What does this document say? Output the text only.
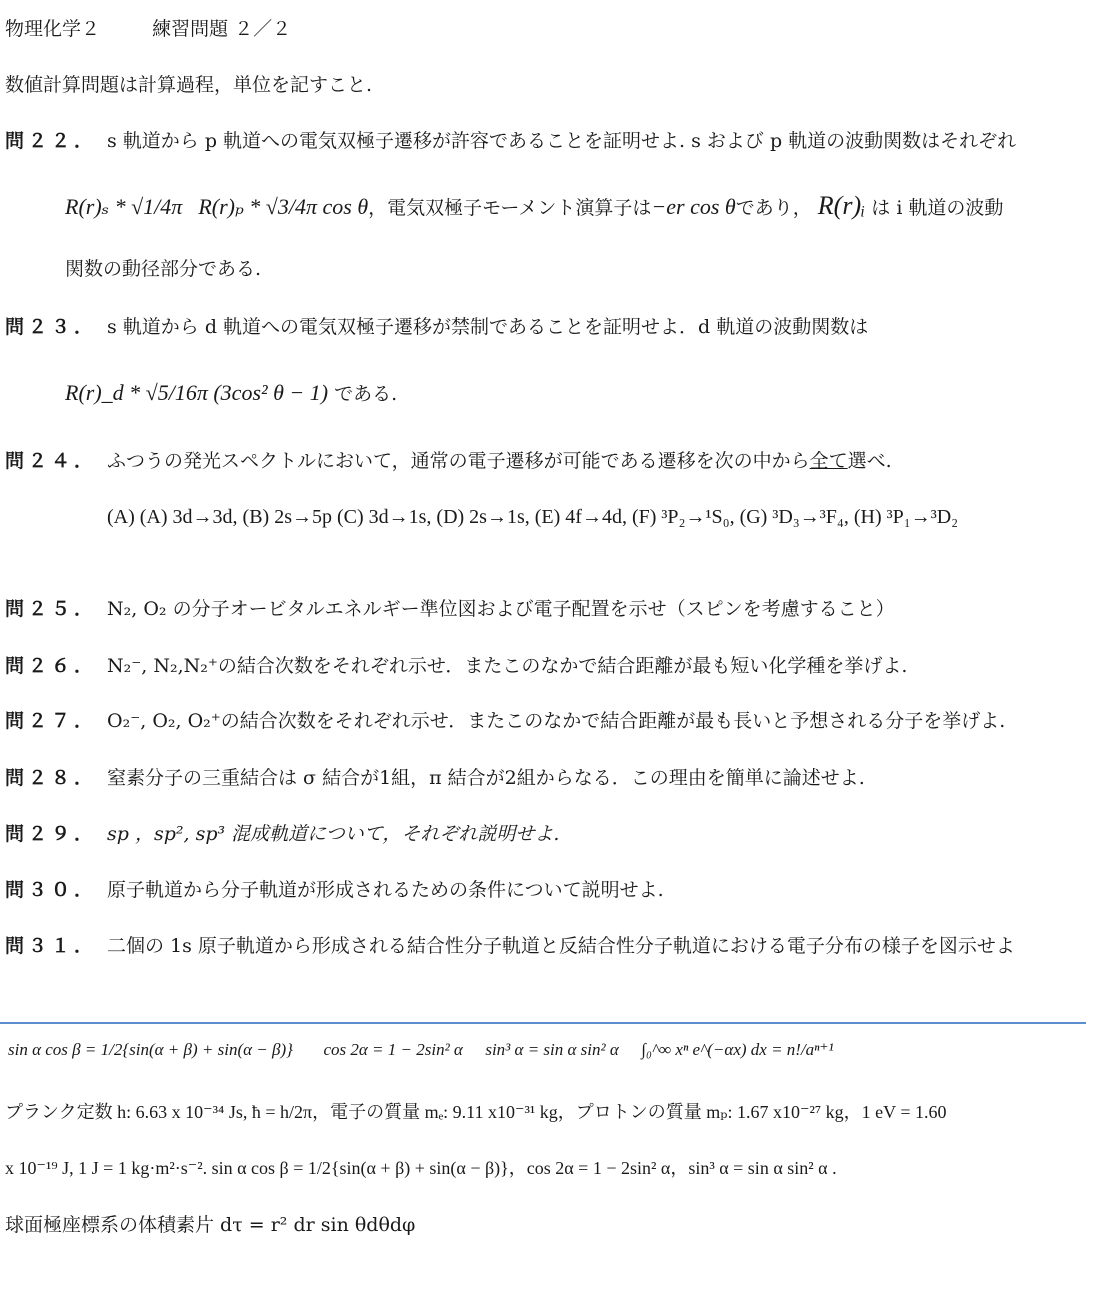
物理化学２	練習問題 ２／２
数値計算問題は計算過程，単位を記すこと.
問２２． s 軌道から p 軌道への電気双極子遷移が許容であることを証明せよ. s および p 軌道の波動関数はそれぞれ
R(r)ₛ * √1/4π R(r)ₚ * √3/4π cos θ，電気双極子モーメント演算子は−er cos θであり， R(r)ᵢ は i 軌道の波動
関数の動径部分である.
問２３． s 軌道から d 軌道への電気双極子遷移が禁制であることを証明せよ．d 軌道の波動関数は
R(r)_d * √5/16π (3cos² θ − 1) である.
問２４． ふつうの発光スペクトルにおいて，通常の電子遷移が可能である遷移を次の中から全て選べ.
(A) (A) 3d→3d, (B) 2s→5p (C) 3d→1s, (D) 2s→1s, (E) 4f→4d, (F) ³P₂→¹S₀, (G) ³D₃→³F₄, (H) ³P₁→³D₂
問２５． N₂, O₂ の分子オービタルエネルギー準位図および電子配置を示せ（スピンを考慮すること）
問２６． N₂⁻, N₂,N₂⁺の結合次数をそれぞれ示せ．またこのなかで結合距離が最も短い化学種を挙げよ.
問２７． O₂⁻, O₂, O₂⁺の結合次数をそれぞれ示せ．またこのなかで結合距離が最も長いと予想される分子を挙げよ.
問２８． 窒素分子の三重結合は σ 結合が1組，π 結合が2組からなる．この理由を簡単に論述せよ.
問２９． sp ，sp², sp³ 混成軌道について，それぞれ説明せよ.
問３０． 原子軌道から分子軌道が形成されるための条件について説明せよ.
問３１． 二個の 1s 原子軌道から形成される結合性分子軌道と反結合性分子軌道における電子分布の様子を図示せよ
sin α cos β = 1/2{sin(α + β) + sin(α − β)} cos 2α = 1 − 2sin² α sin³ α = sin α sin² α ∫₀^∞ xⁿ e^(−αx) dx = n!/aⁿ⁺¹
プランク定数 h: 6.63 x 10⁻³⁴ Js, ħ = h/2π，電子の質量 mₑ: 9.11 x10⁻³¹ kg，プロトンの質量 mₚ: 1.67 x10⁻²⁷ kg，1 eV = 1.60
x 10⁻¹⁹ J, 1 J = 1 kg·m²·s⁻². sin α cos β = 1/2{sin(α + β) + sin(α − β)}，cos 2α = 1 − 2sin² α，sin³ α = sin α sin² α .
球面極座標系の体積素片 dτ = r² dr sin θdθdφ
